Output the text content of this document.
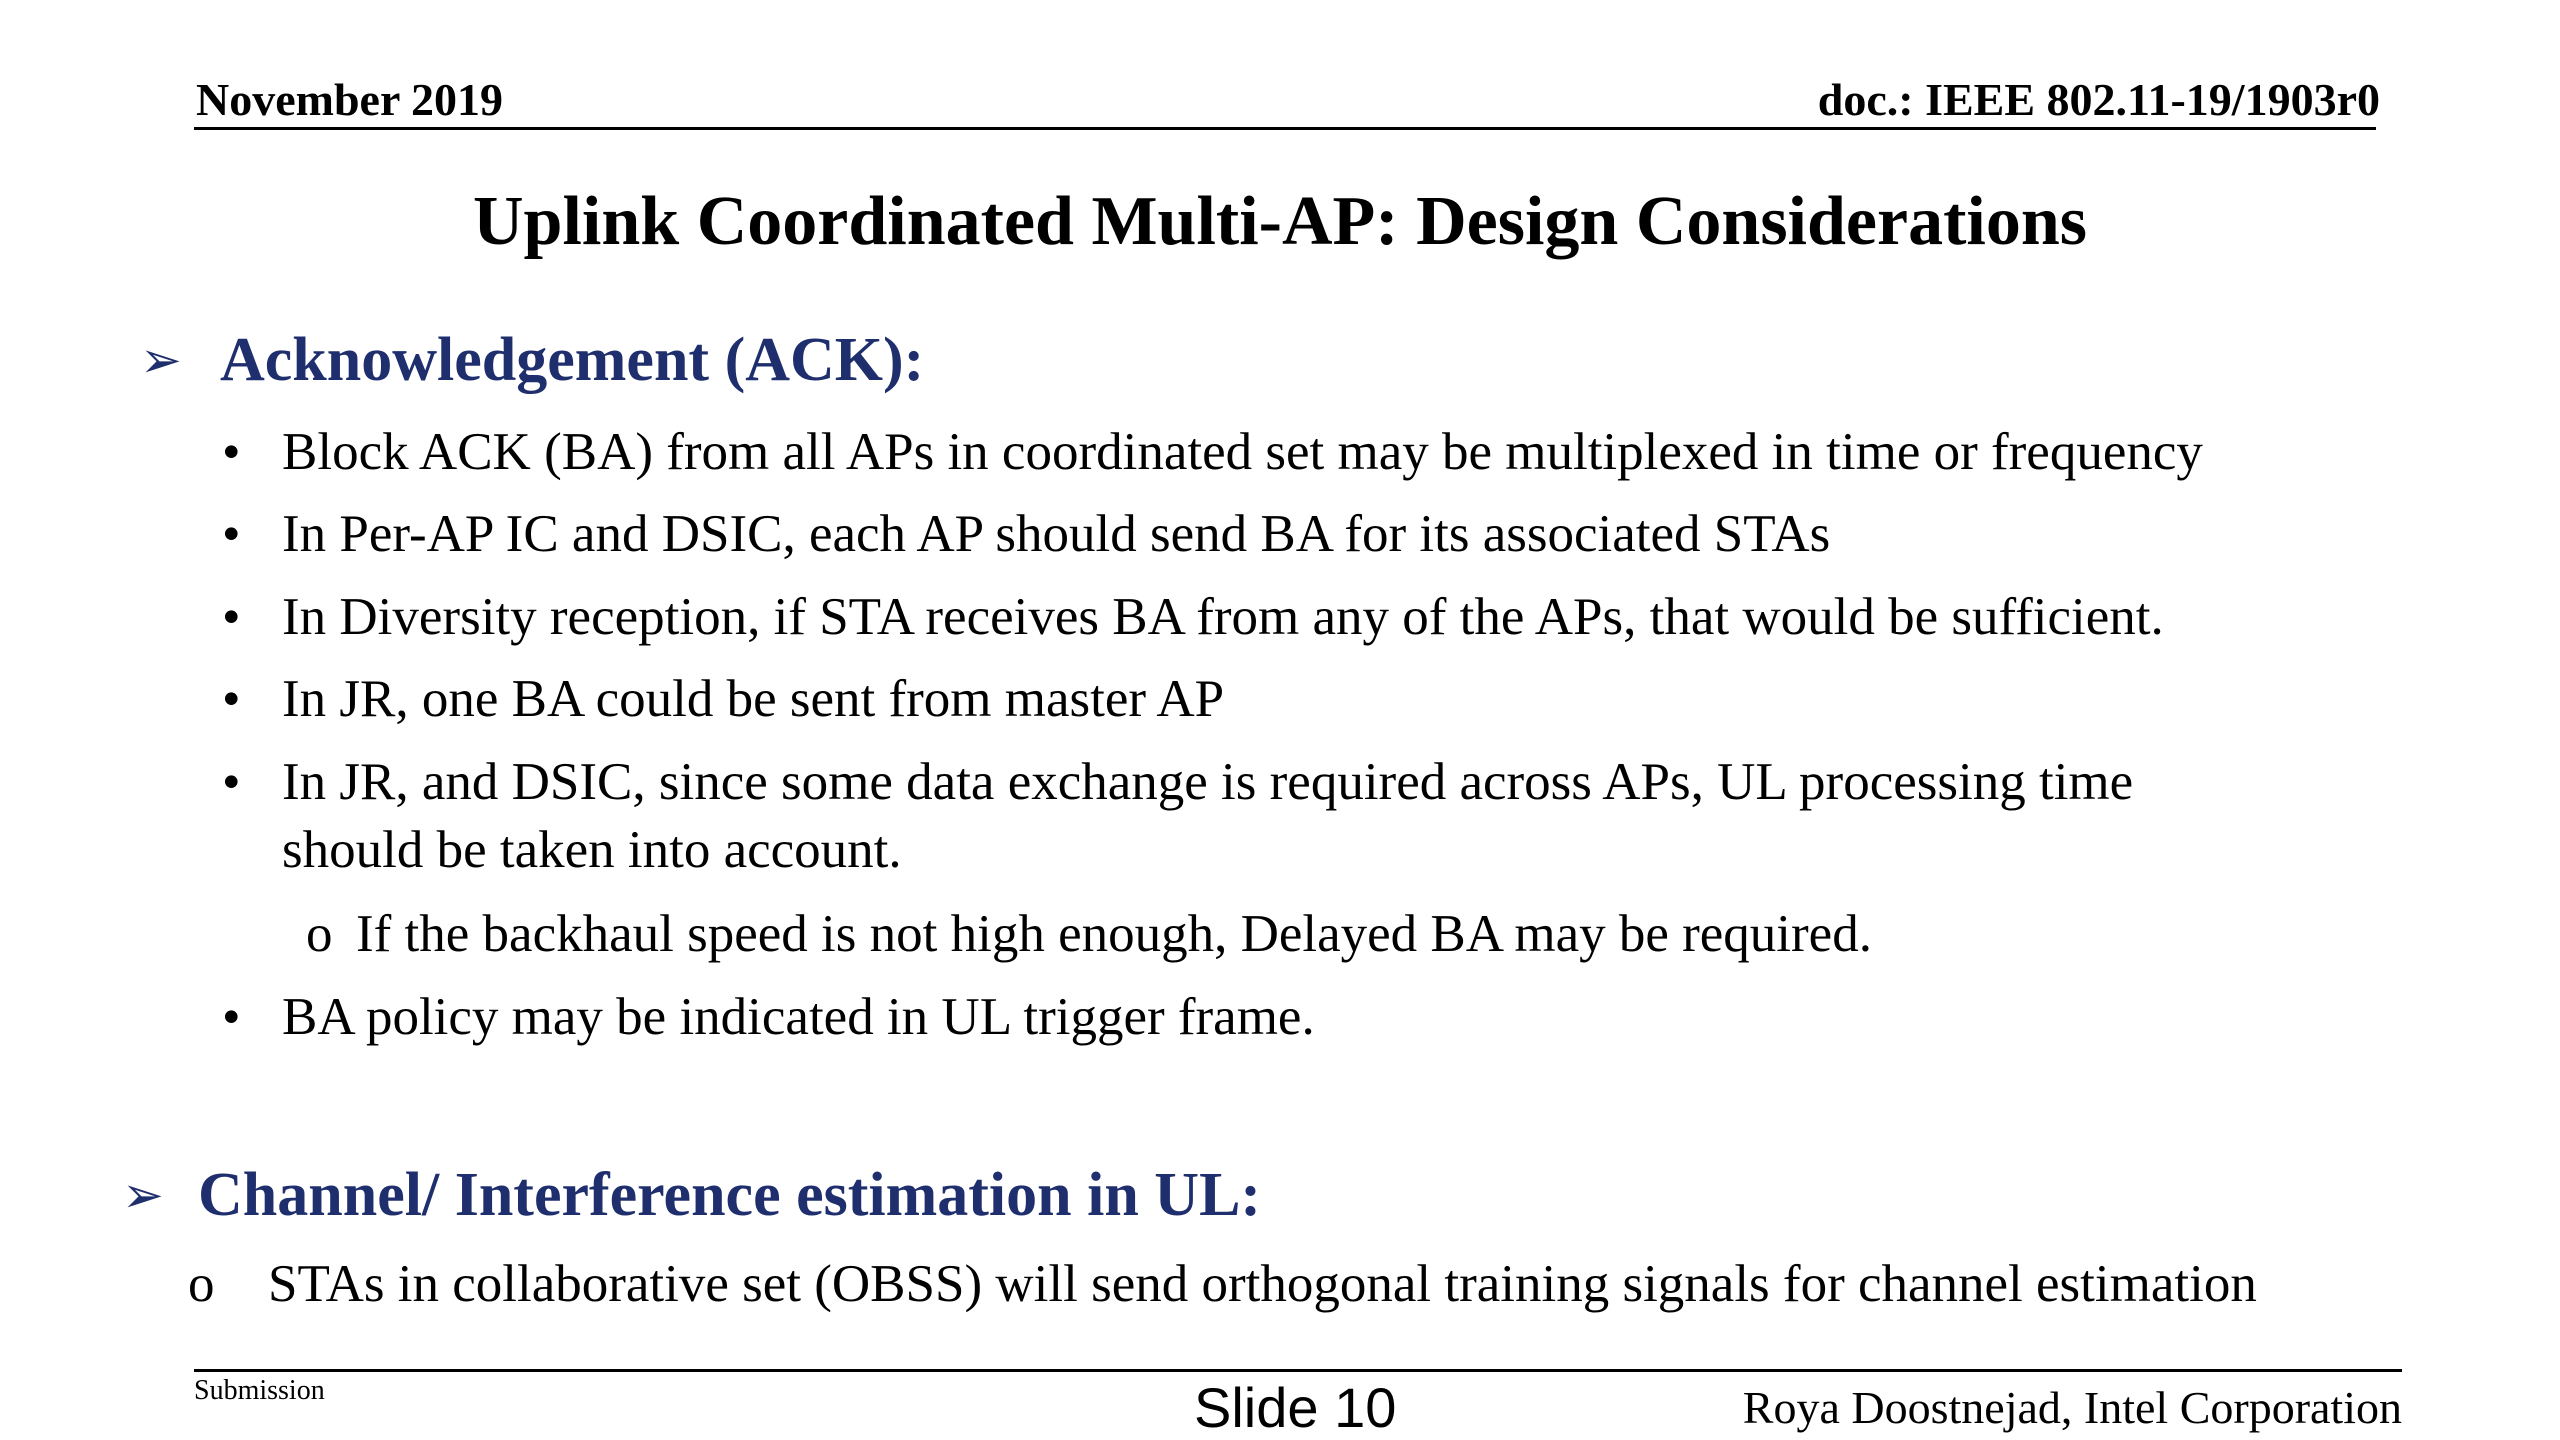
November 2019	doc.: IEEE 802.11-19/1903r0
Uplink Coordinated Multi-AP: Design Considerations
➢ Acknowledgement (ACK):
• Block ACK (BA) from all APs in coordinated set may be multiplexed in time or frequency
• In Per-AP IC and DSIC, each AP should send BA for its associated STAs
• In Diversity reception, if STA receives BA from any of the APs, that would be sufficient.
• In JR, one BA could be sent from master AP
• In JR, and DSIC, since some data exchange is required across APs, UL processing time
should be taken into account.
o If the backhaul speed is not high enough, Delayed BA may be required.
• BA policy may be indicated in UL trigger frame.
➢ Channel/ Interference estimation in UL:
o STAs in collaborative set (OBSS) will send orthogonal training signals for channel estimation
Submission	Slide 10	Roya Doostnejad, Intel Corporation
